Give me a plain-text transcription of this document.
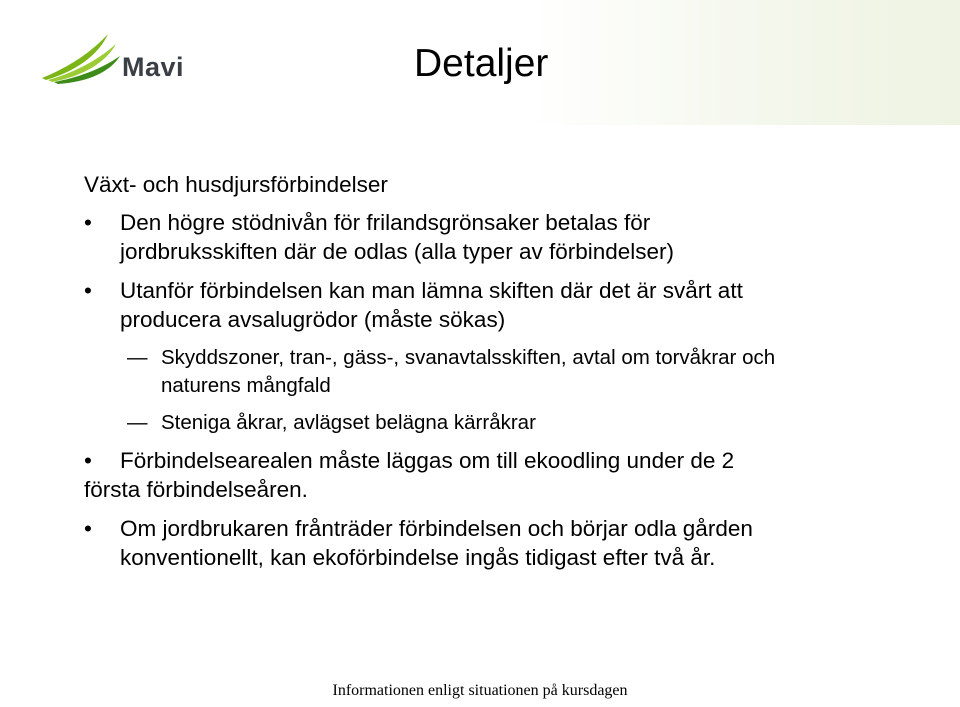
Mavi	Detaljer
Växt- och husdjursförbindelser
•	Den högre stödnivån för frilandsgrönsaker betalas för
jordbruksskiften där de odlas (alla typer av förbindelser)
•	Utanför förbindelsen kan man lämna skiften där det är svårt att
producera avsalugrödor (måste sökas)
— Skyddszoner, tran-, gäss-, svanavtalsskiften, avtal om torvåkrar och
naturens mångfald
— Steniga åkrar, avlägset belägna kärråkrar
•	Förbindelsearealen måste läggas om till ekoodling under de 2
första förbindelseåren.
•	Om jordbrukaren frånträder förbindelsen och börjar odla gården
konventionellt, kan ekoförbindelse ingås tidigast efter två år.
Informationen enligt situationen på kursdagen
